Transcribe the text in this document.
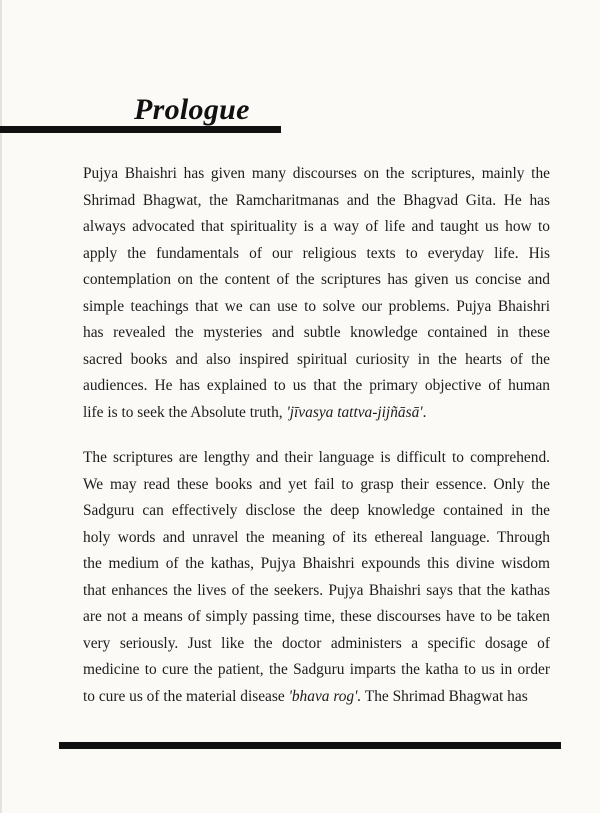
Prologue

Pujya Bhaishri has given many discourses on the scriptures, mainly the
Shrimad Bhagwat, the Ramcharitmanas and the Bhagvad Gita. He has
always advocated that spirituality is a way of life and taught us how to
apply the fundamentals of our religious texts to everyday life. His
contemplation on the content of the scriptures has given us concise and
simple teachings that we can use to solve our problems. Pujya Bhaishri
has revealed the mysteries and subtle knowledge contained in these
sacred books and also inspired spiritual curiosity in the hearts of the
audiences. He has explained to us that the primary objective of human
life is to seek the Absolute truth, 'jīvasya tattva-jijñāsā'.

The scriptures are lengthy and their language is difficult to comprehend.
We may read these books and yet fail to grasp their essence. Only the
Sadguru can effectively disclose the deep knowledge contained in the
holy words and unravel the meaning of its ethereal language. Through
the medium of the kathas, Pujya Bhaishri expounds this divine wisdom
that enhances the lives of the seekers. Pujya Bhaishri says that the kathas
are not a means of simply passing time, these discourses have to be taken
very seriously. Just like the doctor administers a specific dosage of
medicine to cure the patient, the Sadguru imparts the katha to us in order
to cure us of the material disease 'bhava rog'. The Shrimad Bhagwat has
